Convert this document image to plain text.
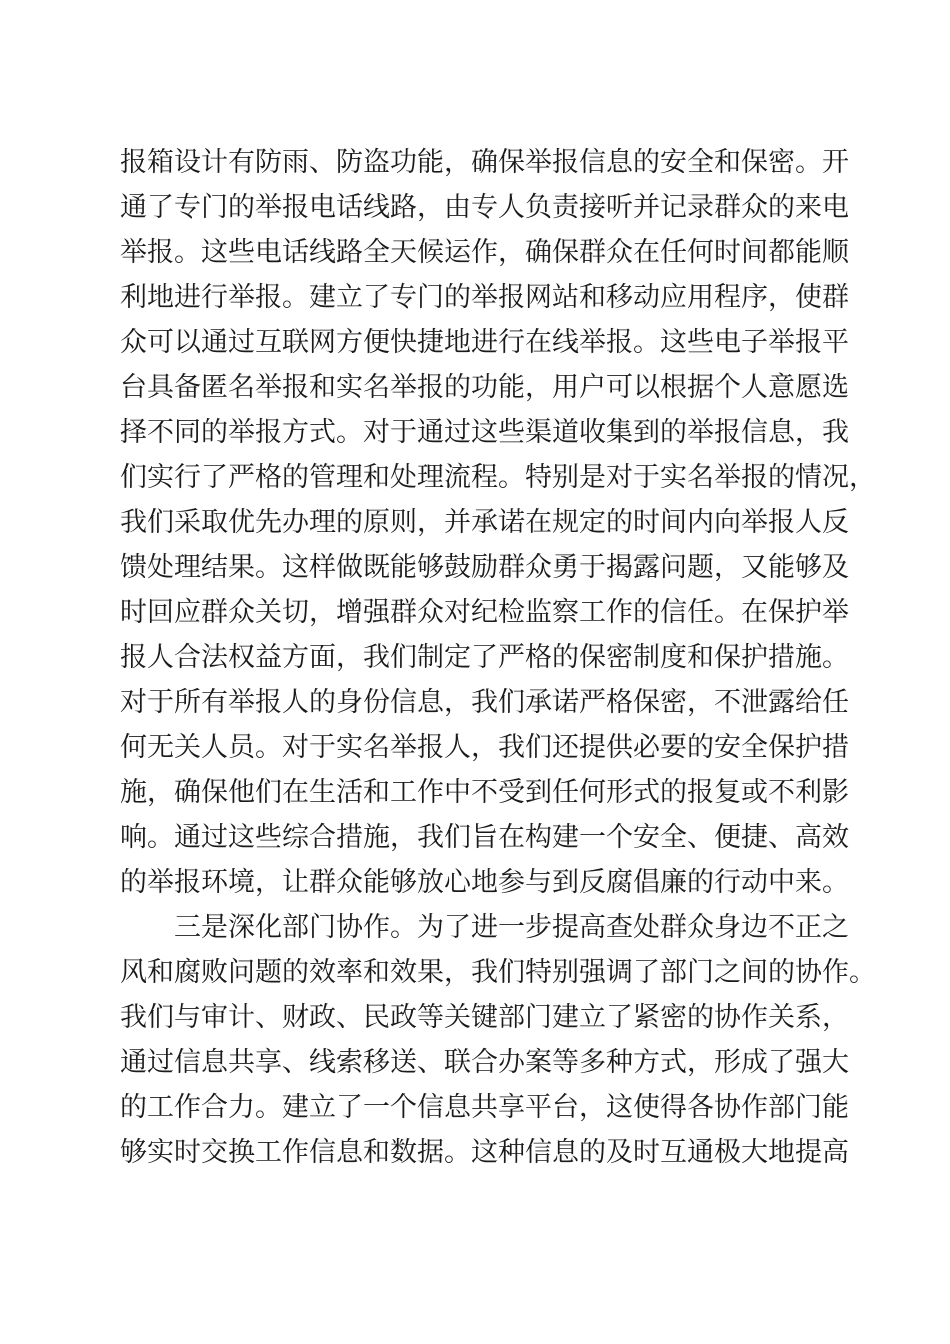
报箱设计有防雨、防盗功能，确保举报信息的安全和保密。开
通了专门的举报电话线路，由专人负责接听并记录群众的来电
举报。这些电话线路全天候运作，确保群众在任何时间都能顺
利地进行举报。建立了专门的举报网站和移动应用程序，使群
众可以通过互联网方便快捷地进行在线举报。这些电子举报平
台具备匿名举报和实名举报的功能，用户可以根据个人意愿选
择不同的举报方式。对于通过这些渠道收集到的举报信息，我
们实行了严格的管理和处理流程。特别是对于实名举报的情况，
我们采取优先办理的原则，并承诺在规定的时间内向举报人反
馈处理结果。这样做既能够鼓励群众勇于揭露问题，又能够及
时回应群众关切，增强群众对纪检监察工作的信任。在保护举
报人合法权益方面，我们制定了严格的保密制度和保护措施。
对于所有举报人的身份信息，我们承诺严格保密，不泄露给任
何无关人员。对于实名举报人，我们还提供必要的安全保护措
施，确保他们在生活和工作中不受到任何形式的报复或不利影
响。通过这些综合措施，我们旨在构建一个安全、便捷、高效
的举报环境，让群众能够放心地参与到反腐倡廉的行动中来。
三是深化部门协作。为了进一步提高查处群众身边不正之
风和腐败问题的效率和效果，我们特别强调了部门之间的协作。
我们与审计、财政、民政等关键部门建立了紧密的协作关系，
通过信息共享、线索移送、联合办案等多种方式，形成了强大
的工作合力。建立了一个信息共享平台，这使得各协作部门能
够实时交换工作信息和数据。这种信息的及时互通极大地提高
